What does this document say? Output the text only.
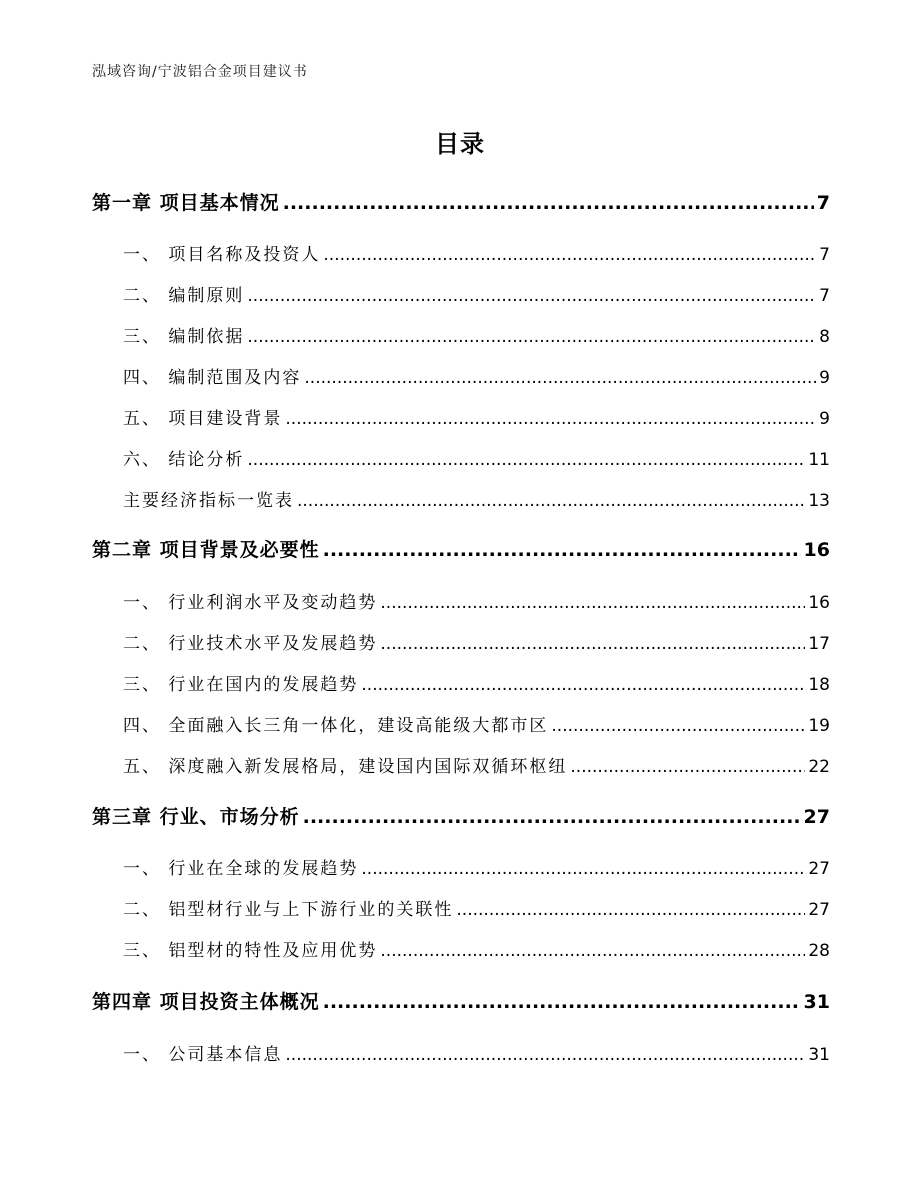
泓域咨询/宁波铝合金项目建议书
目录
第一章 项目基本情况 .....	7
一、 项目名称及投资人 .....	7
二、 编制原则 .....	7
三、 编制依据 .....	8
四、 编制范围及内容 .....	9
五、 项目建设背景 .....	9
六、 结论分析 .....	11
主要经济指标一览表 .....	13
第二章 项目背景及必要性 .....	16
一、 行业利润水平及变动趋势 .....	16
二、 行业技术水平及发展趋势 .....	17
三、 行业在国内的发展趋势 .....	18
四、 全面融入长三角一体化，建设高能级大都市区 .....	19
五、 深度融入新发展格局，建设国内国际双循环枢纽 .....	22
第三章 行业、市场分析 .....	27
一、 行业在全球的发展趋势 .....	27
二、 铝型材行业与上下游行业的关联性 .....	27
三、 铝型材的特性及应用优势 .....	28
第四章 项目投资主体概况 .....	31
一、 公司基本信息 .....	31
